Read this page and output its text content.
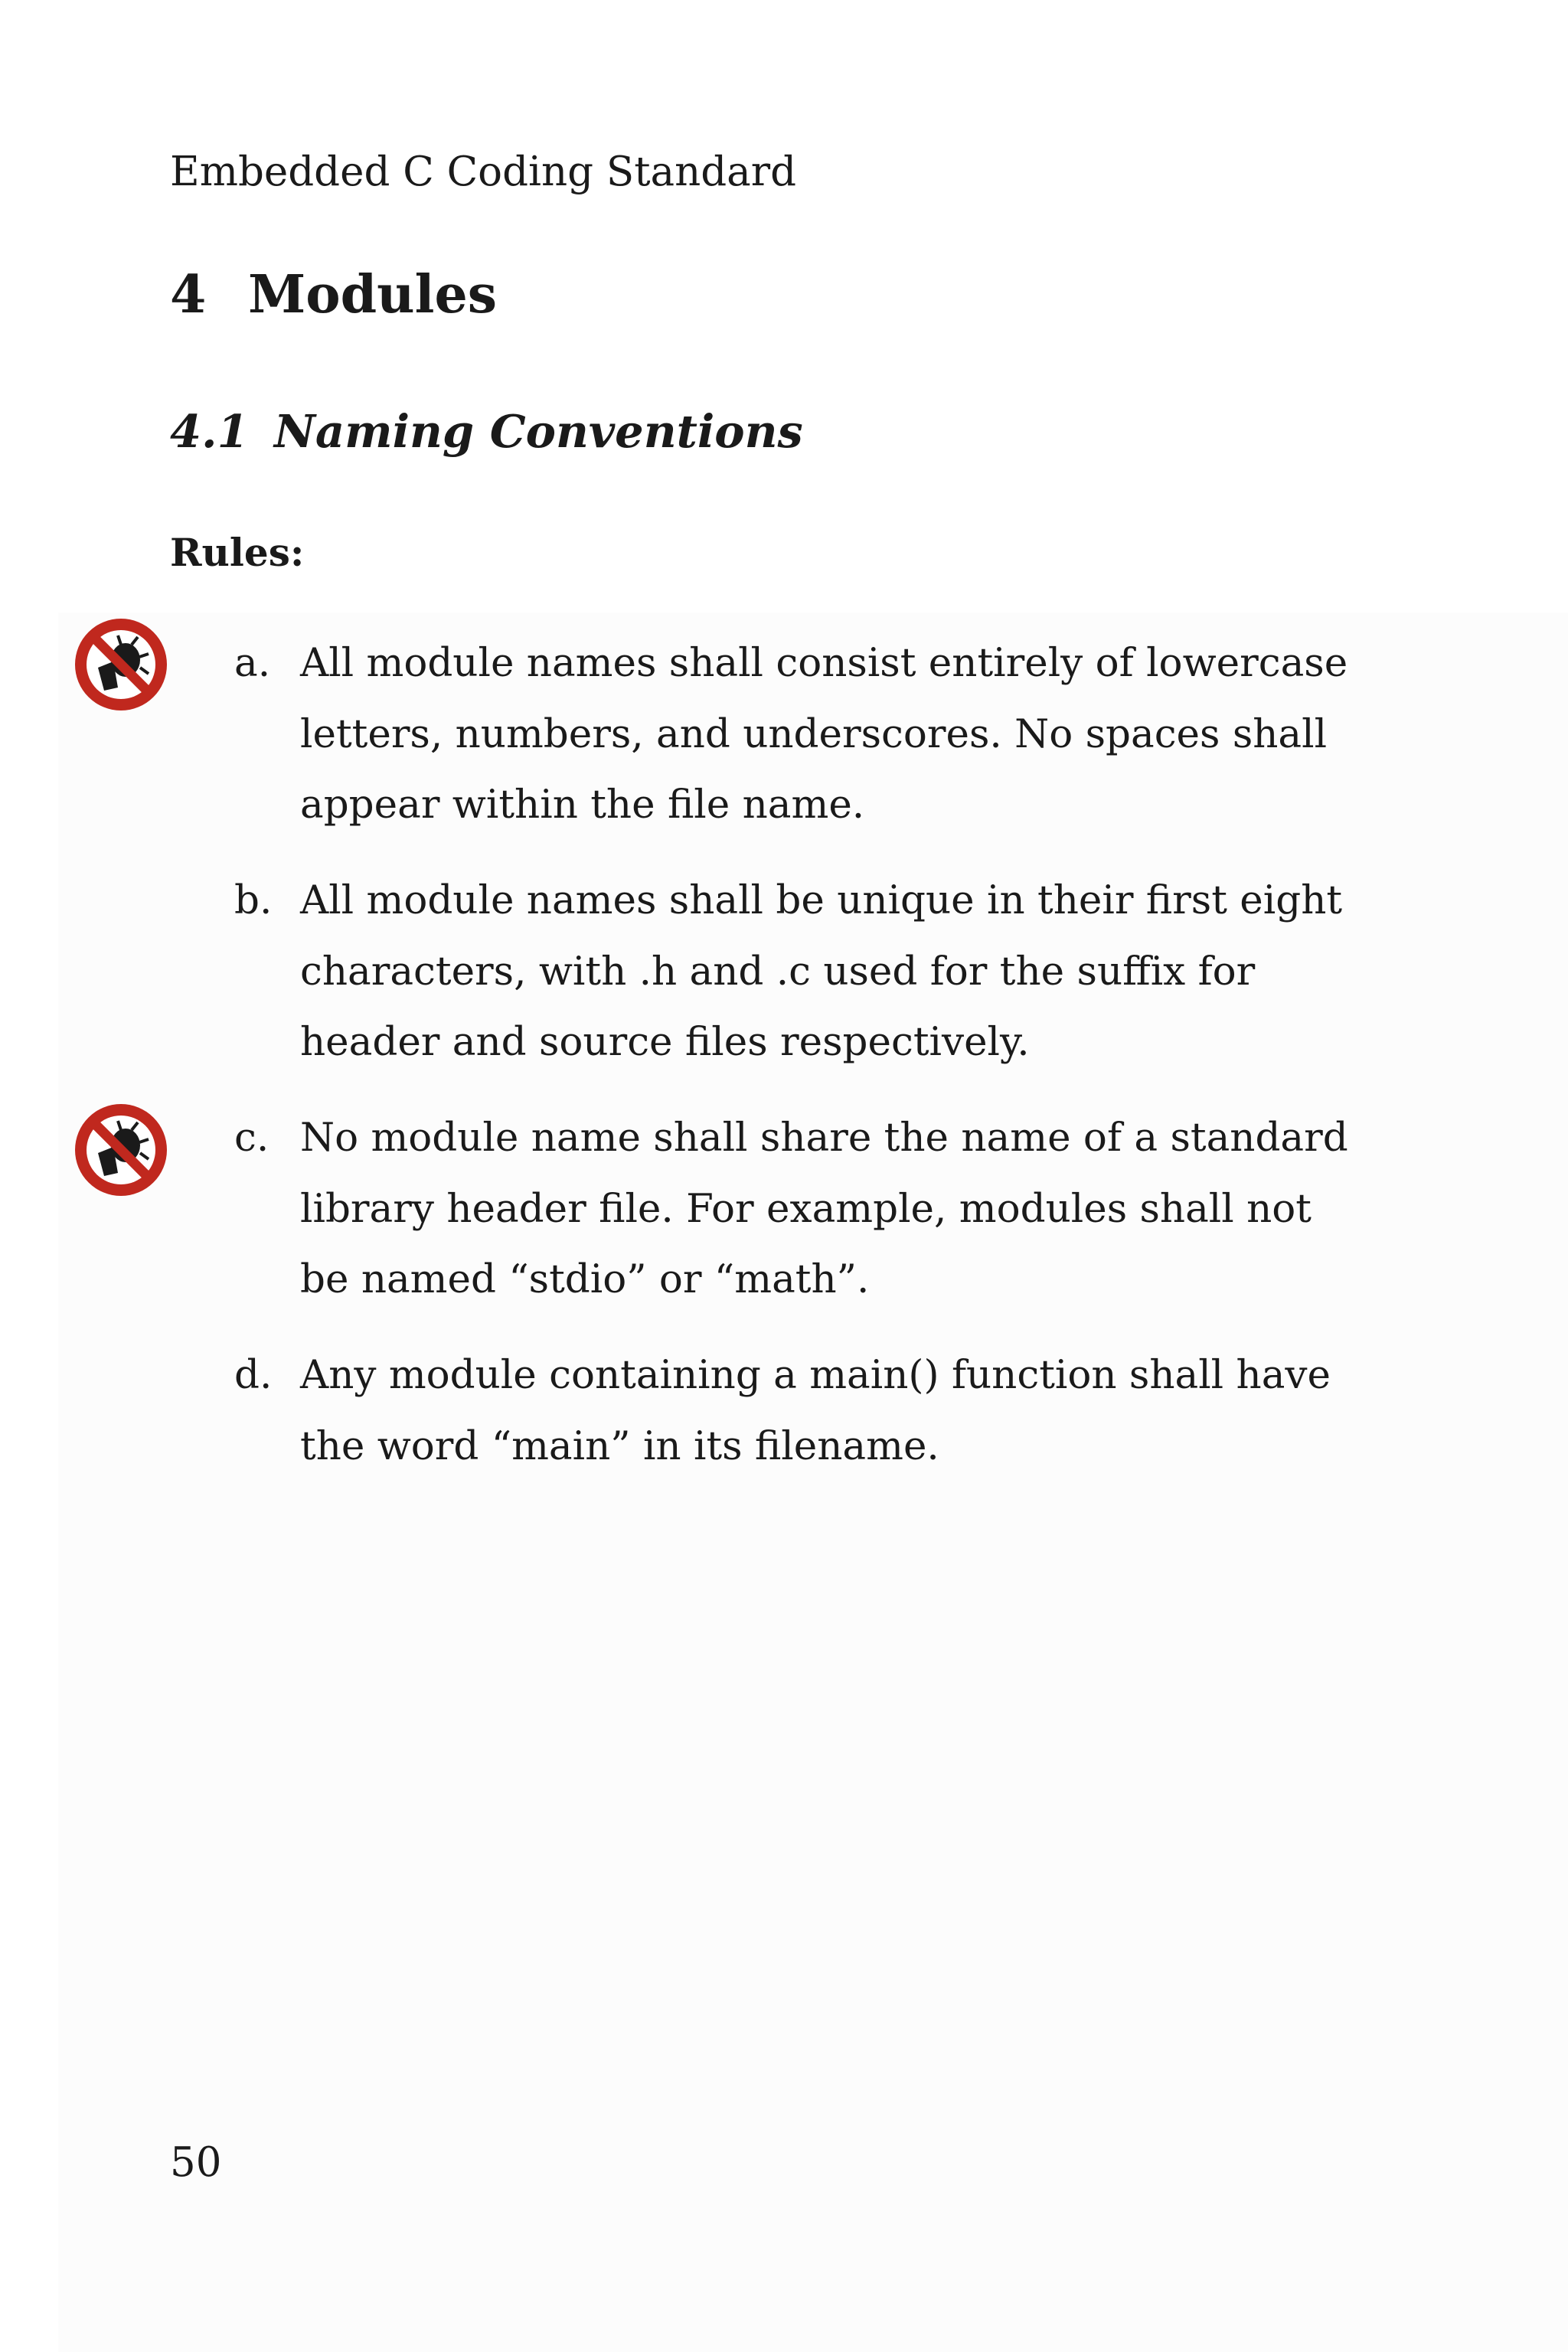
Embedded C Coding Standard
4 Modules
4.1 Naming Conventions
Rules:
a. All module names shall consist entirely of lowercase
letters, numbers, and underscores. No spaces shall
appear within the file name.
b. All module names shall be unique in their first eight
characters, with .h and .c used for the suffix for
header and source files respectively.
c. No module name shall share the name of a standard
library header file. For example, modules shall not
be named “stdio” or “math”.
d. Any module containing a main() function shall have
the word “main” in its filename.
50
